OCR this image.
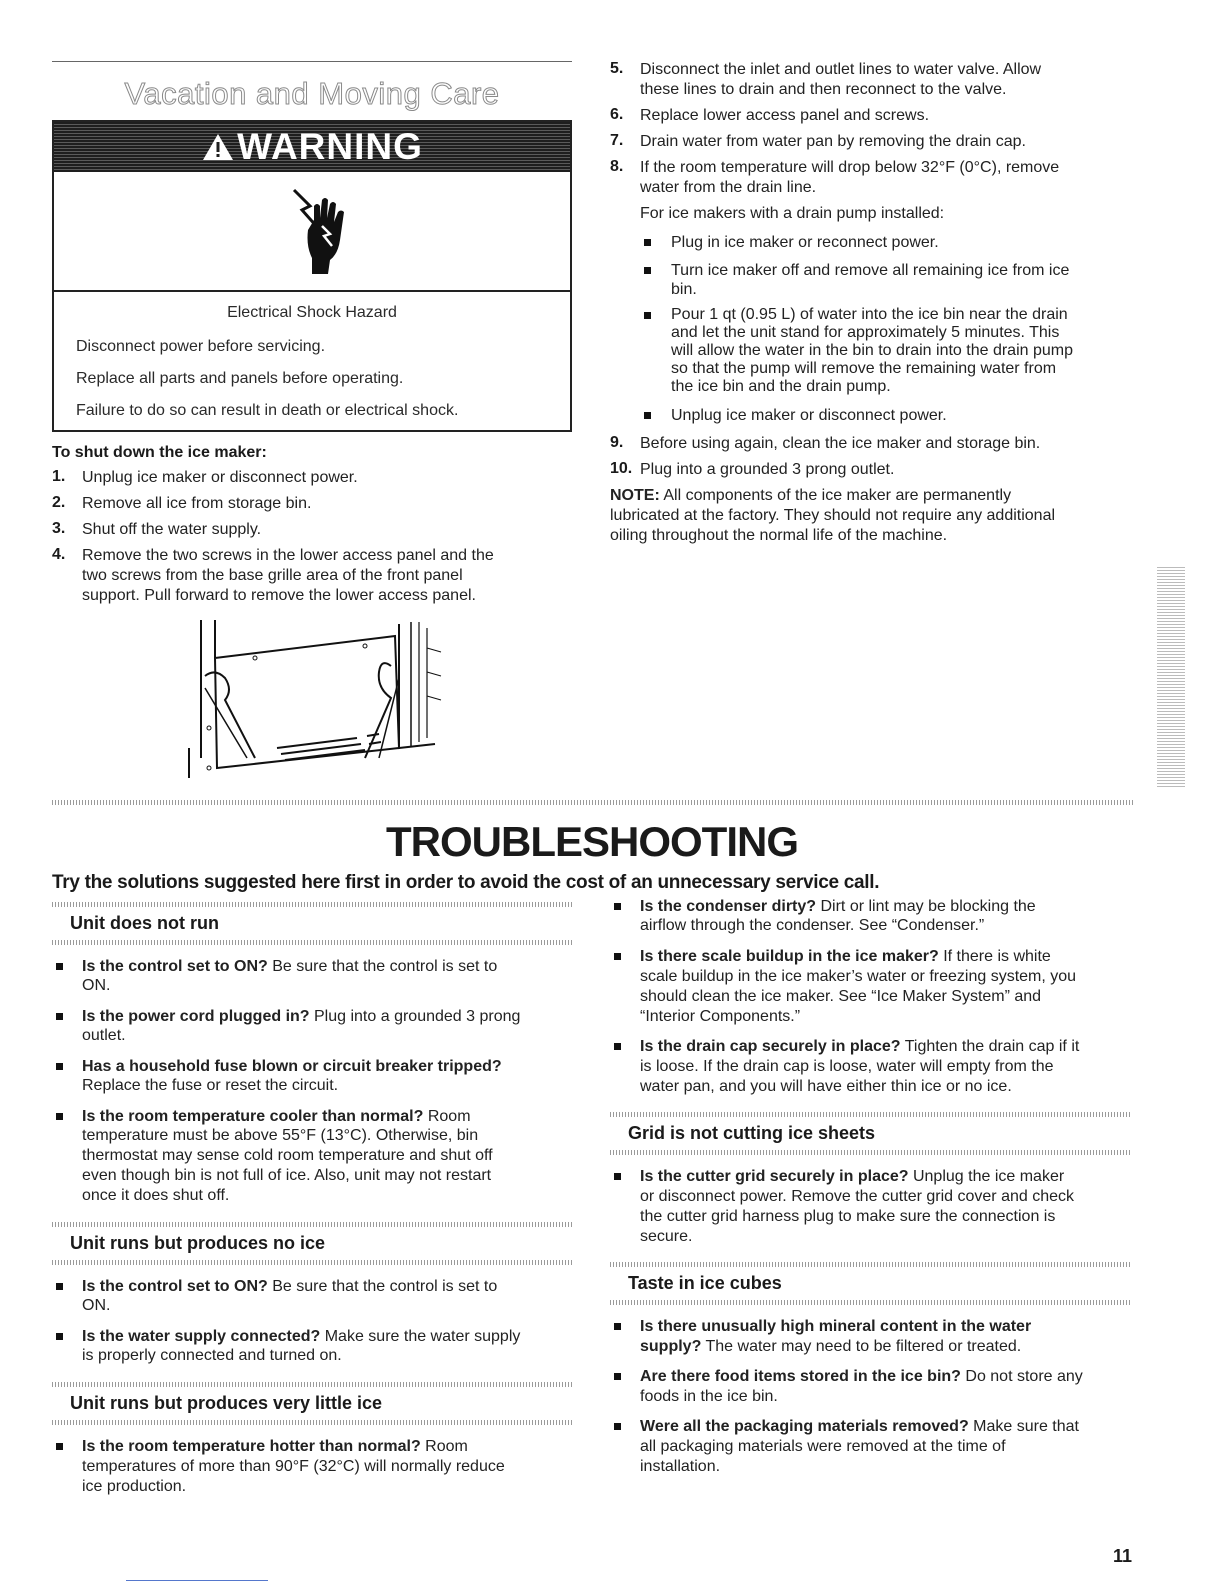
Vacation and Moving Care
WARNING

Electrical Shock Hazard

Disconnect power before servicing.

Replace all parts and panels before operating.

Failure to do so can result in death or electrical shock.

To shut down the ice maker:
1. Unplug ice maker or disconnect power.
2. Remove all ice from storage bin.
3. Shut off the water supply.
4. Remove the two screws in the lower access panel and the
two screws from the base grille area of the front panel
support. Pull forward to remove the lower access panel.
5. Disconnect the inlet and outlet lines to water valve. Allow
these lines to drain and then reconnect to the valve.
6. Replace lower access panel and screws.
7. Drain water from water pan by removing the drain cap.
8. If the room temperature will drop below 32°F (0°C), remove
water from the drain line.
For ice makers with a drain pump installed:
Plug in ice maker or reconnect power.
Turn ice maker off and remove all remaining ice from ice
bin.
Pour 1 qt (0.95 L) of water into the ice bin near the drain
and let the unit stand for approximately 5 minutes. This
will allow the water in the bin to drain into the drain pump
so that the pump will remove the remaining water from
the ice bin and the drain pump.
Unplug ice maker or disconnect power.
9. Before using again, clean the ice maker and storage bin.
10. Plug into a grounded 3 prong outlet.
NOTE: All components of the ice maker are permanently
lubricated at the factory. They should not require any additional
oiling throughout the normal life of the machine.
TROUBLESHOOTING
Try the solutions suggested here first in order to avoid the cost of an unnecessary service call.
Unit does not run
Is the control set to ON? Be sure that the control is set to
ON.
Is the power cord plugged in? Plug into a grounded 3 prong
outlet.
Has a household fuse blown or circuit breaker tripped?
Replace the fuse or reset the circuit.
Is the room temperature cooler than normal? Room
temperature must be above 55°F (13°C). Otherwise, bin
thermostat may sense cold room temperature and shut off
even though bin is not full of ice. Also, unit may not restart
once it does shut off.
Unit runs but produces no ice
Is the control set to ON? Be sure that the control is set to
ON.
Is the water supply connected? Make sure the water supply
is properly connected and turned on.
Unit runs but produces very little ice
Is the room temperature hotter than normal? Room
temperatures of more than 90°F (32°C) will normally reduce
ice production.
Is the condenser dirty? Dirt or lint may be blocking the
airflow through the condenser. See “Condenser.”
Is there scale buildup in the ice maker? If there is white
scale buildup in the ice maker’s water or freezing system, you
should clean the ice maker. See “Ice Maker System” and
“Interior Components.”
Is the drain cap securely in place? Tighten the drain cap if it
is loose. If the drain cap is loose, water will empty from the
water pan, and you will have either thin ice or no ice.
Grid is not cutting ice sheets
Is the cutter grid securely in place? Unplug the ice maker
or disconnect power. Remove the cutter grid cover and check
the cutter grid harness plug to make sure the connection is
secure.
Taste in ice cubes
Is there unusually high mineral content in the water
supply? The water may need to be filtered or treated.
Are there food items stored in the ice bin? Do not store any
foods in the ice bin.
Were all the packaging materials removed? Make sure that
all packaging materials were removed at the time of
installation.
11
